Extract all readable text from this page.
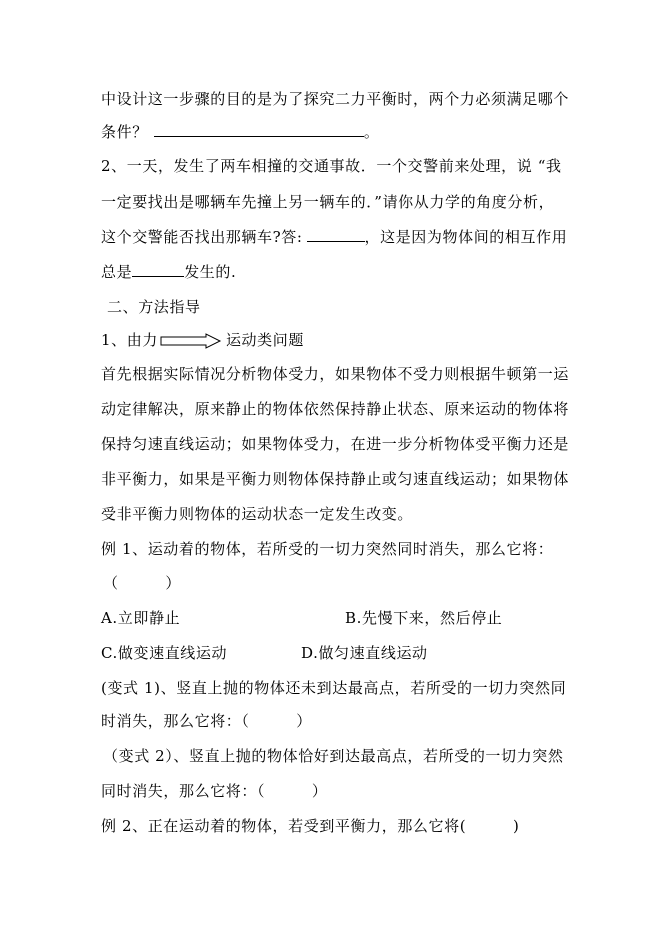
中设计这一步骤的目的是为了探究二力平衡时，两个力必须满足哪个
条件？	。
2、一天，发生了两车相撞的交通事故．一个交警前来处理，说 “我
一定要找出是哪辆车先撞上另一辆车的．”请你从力学的角度分析，
这个交警能否找出那辆车?答:	，这是因为物体间的相互作用
总是	发生的.
二、方法指导
1、由力	运动类问题
首先根据实际情况分析物体受力，如果物体不受力则根据牛顿第一运
动定律解决，原来静止的物体依然保持静止状态、原来运动的物体将
保持匀速直线运动；如果物体受力，在进一步分析物体受平衡力还是
非平衡力，如果是平衡力则物体保持静止或匀速直线运动；如果物体
受非平衡力则物体的运动状态一定发生改变。
例 1、运动着的物体，若所受的一切力突然同时消失，那么它将：
（　　　）
A.立即静止	B.先慢下来，然后停止
C.做变速直线运动	D.做匀速直线运动
(变式 1)、竖直上抛的物体还未到达最高点，若所受的一切力突然同
时消失，那么它将：（　　　）
（变式 2）、竖直上抛的物体恰好到达最高点，若所受的一切力突然
同时消失，那么它将：（　　　）
例 2、正在运动着的物体，若受到平衡力，那么它将(　　　)
